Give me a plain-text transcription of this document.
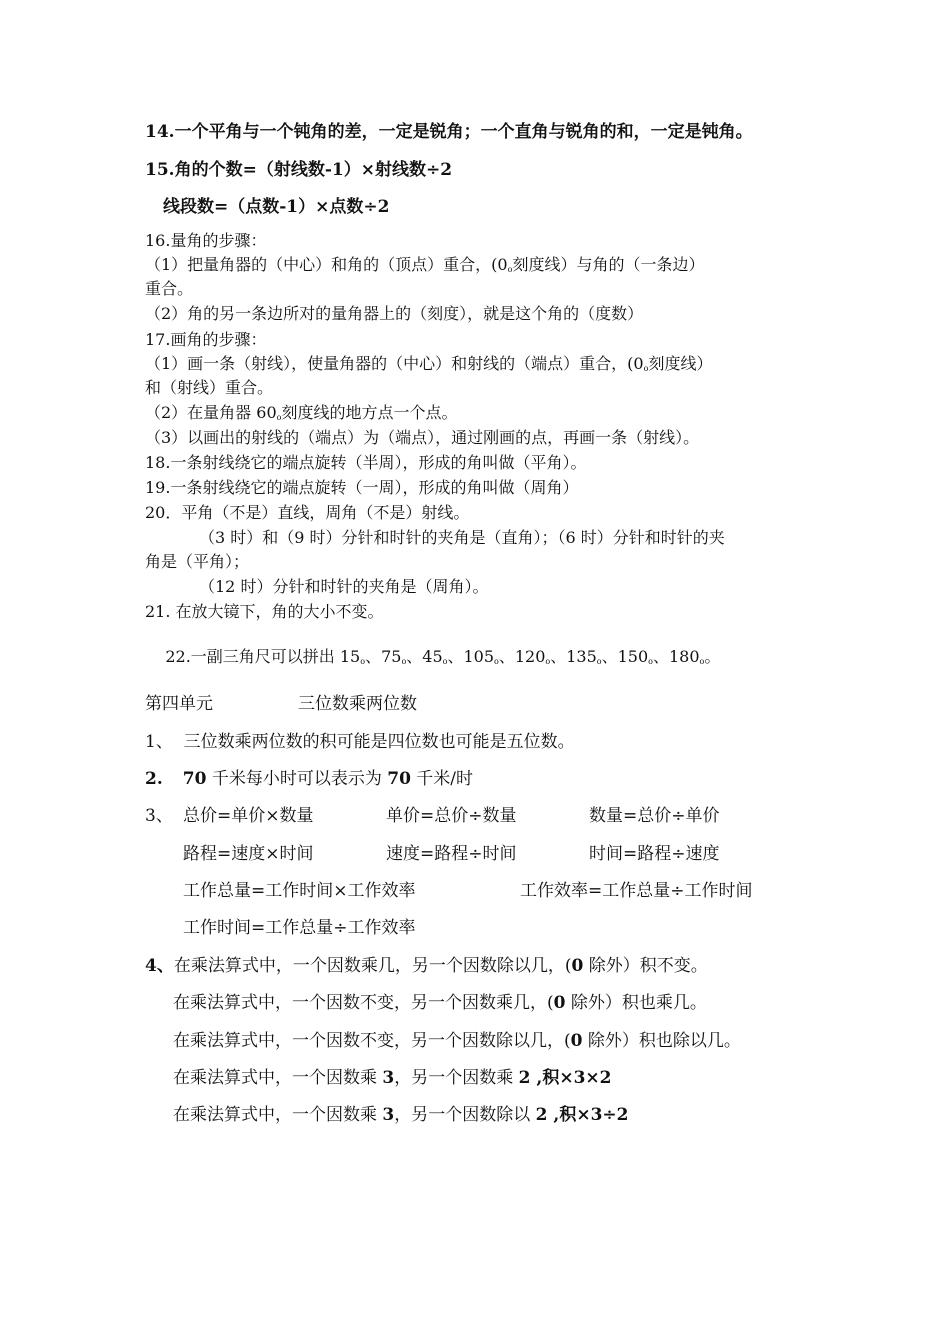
14.一个平角与一个钝角的差，一定是锐角；一个直角与锐角的和，一定是钝角。
15.角的个数=（射线数-1）×射线数÷2
线段数=（点数-1）×点数÷2
16.量角的步骤：
（1）把量角器的（中心）和角的（顶点）重合，($0_o$刻度线）与角的（一条边）
重合。
（2）角的另一条边所对的量角器上的（刻度），就是这个角的（度数）
17.画角的步骤：
（1）画一条（射线），使量角器的（中心）和射线的（端点）重合，($0_o$刻度线）
和（射线）重合。
（2）在量角器 $60_o$刻度线的地方点一个点。
（3）以画出的射线的（端点）为（端点），通过刚画的点，再画一条（射线）。
18.一条射线绕它的端点旋转（半周），形成的角叫做（平角）。
19.一条射线绕它的端点旋转（一周），形成的角叫做（周角）
20．平角（不是）直线，周角（不是）射线。
（3 时）和（9 时）分针和时针的夹角是（直角）；（6 时）分针和时针的夹
角是（平角）；
（12 时）分针和时针的夹角是（周角）。
21. 在放大镜下，角的大小不变。

22.一副三角尺可以拼出 $15_o$、$75_o$、$45_o$、$105_o$、$120_o$、$135_o$、$150_o$、$180_o$。

第四单元	三位数乘两位数
1、  三位数乘两位数的积可能是四位数也可能是五位数。
2. 70 千米每小时可以表示为 70 千米/时
3、 总价=单价×数量	单价=总价÷数量	数量=总价÷单价
路程=速度×时间	速度=路程÷时间	时间=路程÷速度
工作总量=工作时间×工作效率	工作效率=工作总量÷工作时间
工作时间=工作总量÷工作效率
4、在乘法算式中，一个因数乘几，另一个因数除以几，(0 除外）积不变。
在乘法算式中，一个因数不变，另一个因数乘几，(0 除外）积也乘几。
在乘法算式中，一个因数不变，另一个因数除以几，(0 除外）积也除以几。
在乘法算式中，一个因数乘 3，另一个因数乘 2 ,积×3×2
在乘法算式中，一个因数乘 3，另一个因数除以 2 ,积×3÷2
